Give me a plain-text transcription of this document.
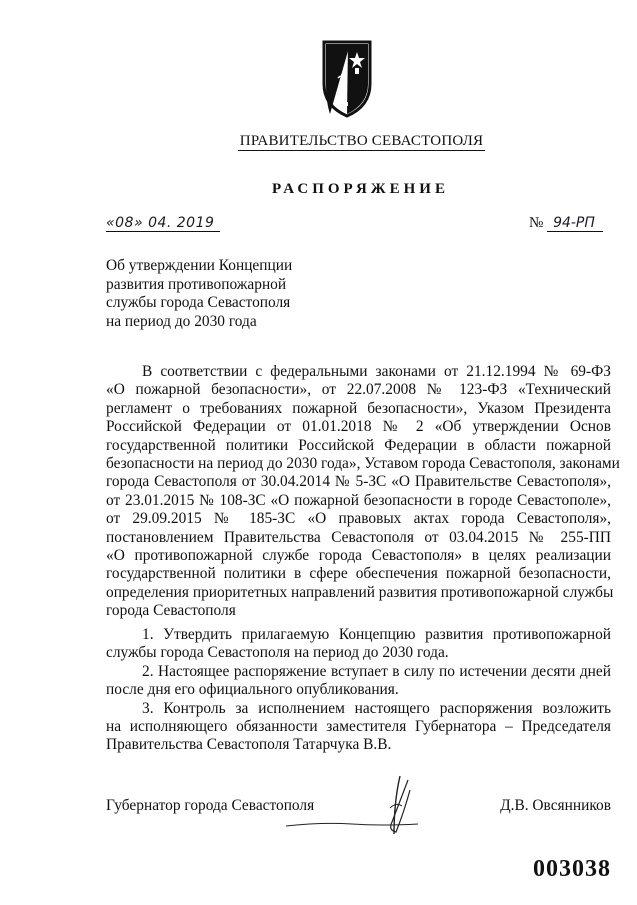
ПРАВИТЕЛЬСТВО СЕВАСТОПОЛЯ
РАСПОРЯЖЕНИЕ
«08» 04. 2019	№ 94-РП
Об утверждении Концепции
развития противопожарной
службы города Севастополя
на период до 2030 года
В соответствии с федеральными законами от 21.12.1994 № 69-ФЗ
«О пожарной безопасности», от 22.07.2008 № 123-ФЗ «Технический
регламент о требованиях пожарной безопасности», Указом Президента
Российской Федерации от 01.01.2018 № 2 «Об утверждении Основ
государственной политики Российской Федерации в области пожарной
безопасности на период до 2030 года», Уставом города Севастополя, законами
города Севастополя от 30.04.2014 № 5-ЗС «О Правительстве Севастополя»,
от 23.01.2015 № 108-ЗС «О пожарной безопасности в городе Севастополе»,
от 29.09.2015 № 185-ЗС «О правовых актах города Севастополя»,
постановлением Правительства Севастополя от 03.04.2015 № 255-ПП
«О противопожарной службе города Севастополя» в целях реализации
государственной политики в сфере обеспечения пожарной безопасности,
определения приоритетных направлений развития противопожарной службы
города Севастополя
1. Утвердить прилагаемую Концепцию развития противопожарной
службы города Севастополя на период до 2030 года.
2. Настоящее распоряжение вступает в силу по истечении десяти дней
после дня его официального опубликования.
3. Контроль за исполнением настоящего распоряжения возложить
на исполняющего обязанности заместителя Губернатора – Председателя
Правительства Севастополя Татарчука В.В.
Губернатор города Севастополя	Д.В. Овсянников
003038
